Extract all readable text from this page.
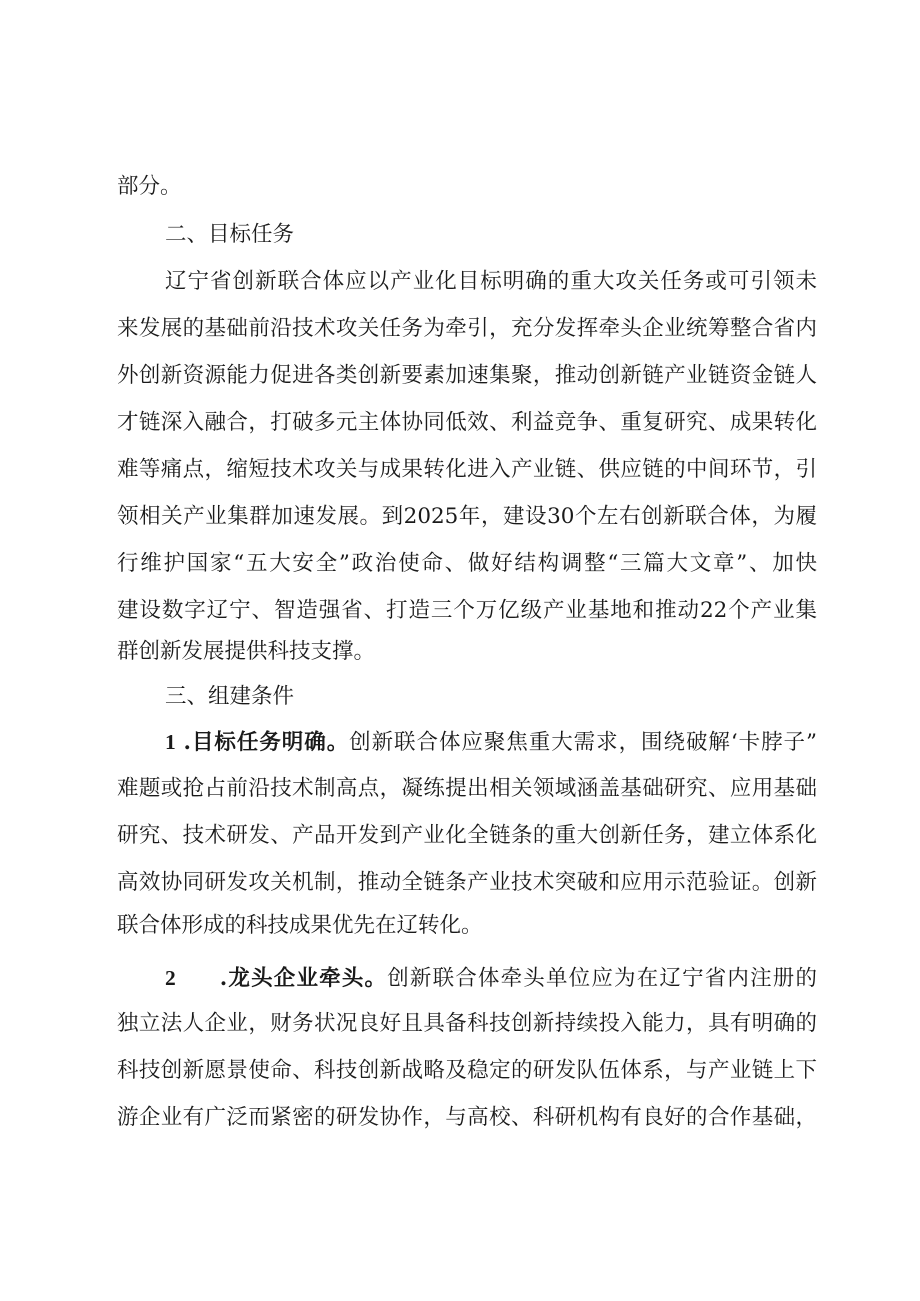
部分。
二、目标任务
辽宁省创新联合体应以产业化目标明确的重大攻关任务或可引领未
来发展的基础前沿技术攻关任务为牵引，充分发挥牵头企业统筹整合省内
外创新资源能力促进各类创新要素加速集聚，推动创新链产业链资金链人
才链深入融合，打破多元主体协同低效、利益竞争、重复研究、成果转化
难等痛点，缩短技术攻关与成果转化进入产业链、供应链的中间环节，引
领相关产业集群加速发展。到2025年，建设30个左右创新联合体，为履
行维护国家“五大安全”政治使命、做好结构调整“三篇大文章”、加快
建设数字辽宁、智造强省、打造三个万亿级产业基地和推动22个产业集
群创新发展提供科技支撑。
三、组建条件
1 .目标任务明确。创新联合体应聚焦重大需求，围绕破解‘卡脖子”
难题或抢占前沿技术制高点，凝练提出相关领域涵盖基础研究、应用基础
研究、技术研发、产品开发到产业化全链条的重大创新任务，建立体系化
高效协同研发攻关机制，推动全链条产业技术突破和应用示范验证。创新
联合体形成的科技成果优先在辽转化。
2 .龙头企业牵头。创新联合体牵头单位应为在辽宁省内注册的
独立法人企业，财务状况良好且具备科技创新持续投入能力，具有明确的
科技创新愿景使命、科技创新战略及稳定的研发队伍体系，与产业链上下
游企业有广泛而紧密的研发协作，与高校、科研机构有良好的合作基础，
